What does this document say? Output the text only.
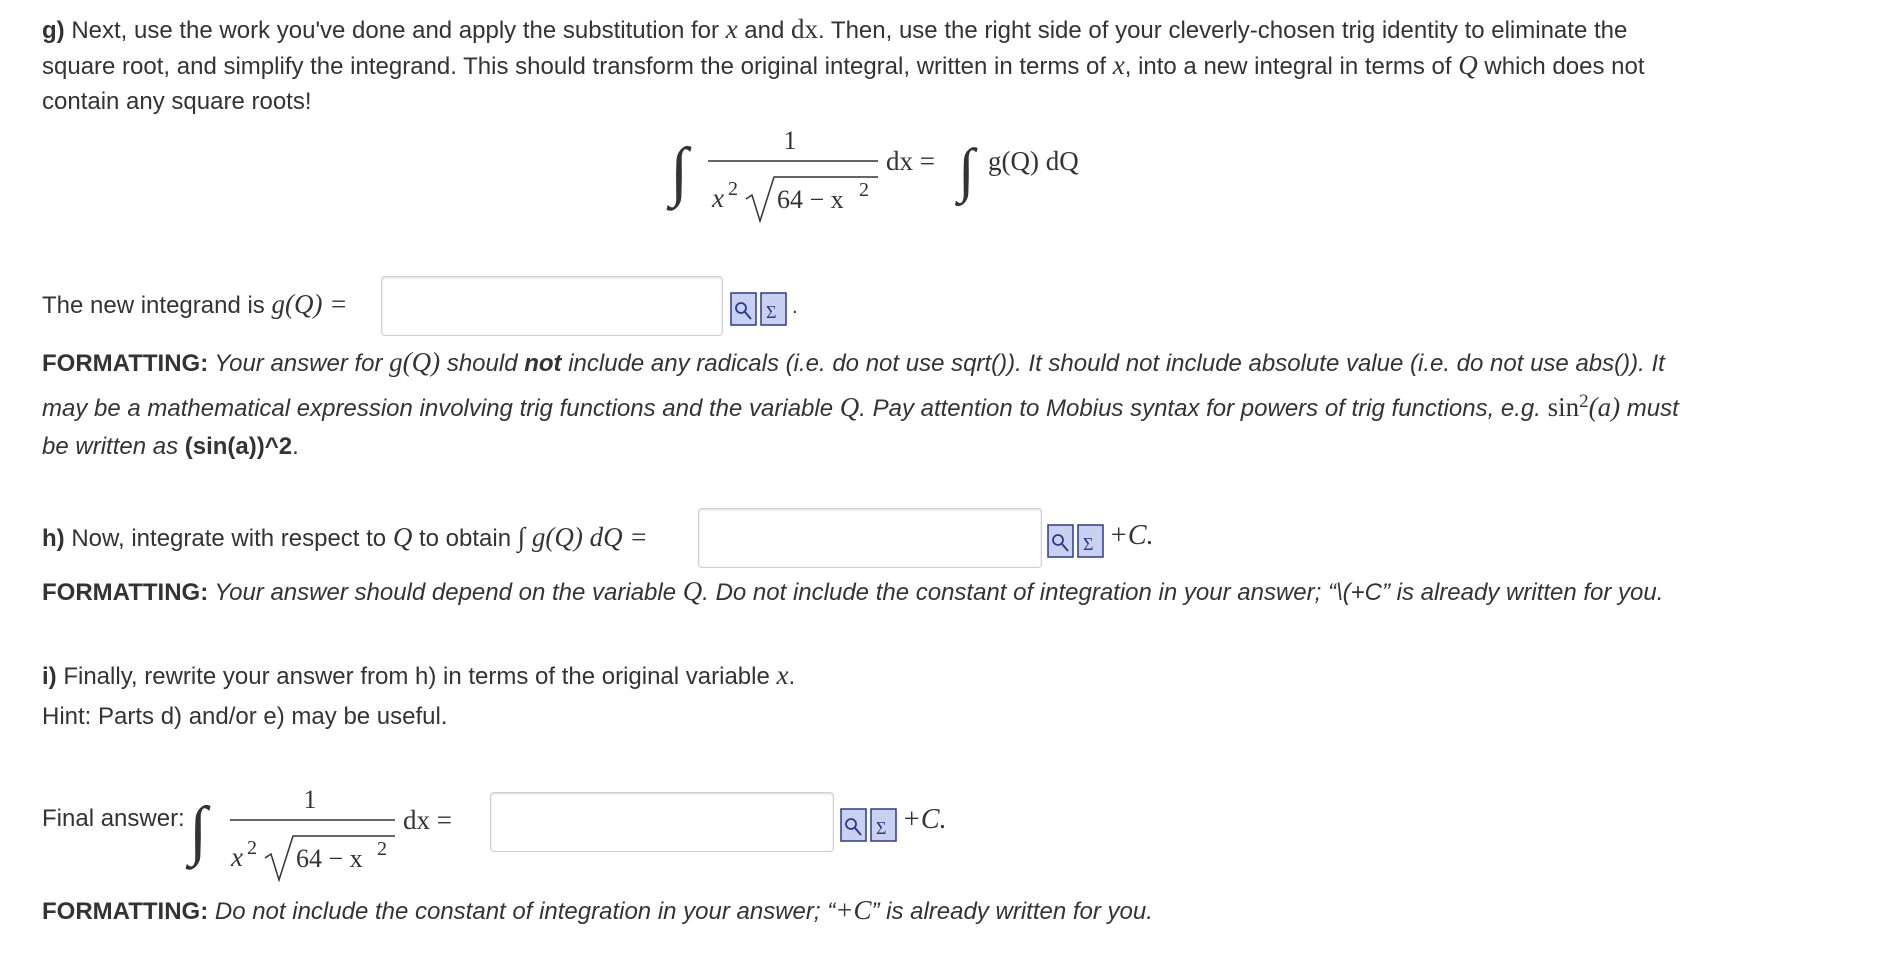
g) Next, use the work you've done and apply the substitution for x and dx. Then, use the right side of your cleverly-chosen trig identity to eliminate the
square root, and simplify the integrand. This should transform the original integral, written in terms of x, into a new integral in terms of Q which does not
contain any square roots!
∫	1
x 2 64 − x 2
dx = ∫ g(Q) dQ
The new integrand is g(Q) =	Σ .
FORMATTING: Your answer for g(Q) should not include any radicals (i.e. do not use sqrt()). It should not include absolute value (i.e. do not use abs()). It
may be a mathematical expression involving trig functions and the variable Q. Pay attention to Mobius syntax for powers of trig functions, e.g. $\sin^2(a)$ must
be written as (sin(a))^2.
h) Now, integrate with respect to Q to obtain ∫ g(Q) dQ =	Σ +C.
FORMATTING: Your answer should depend on the variable Q. Do not include the constant of integration in your answer; “\(+C” is already written for you.
i) Finally, rewrite your answer from h) in terms of the original variable x.
Hint: Parts d) and/or e) may be useful.
Final answer: ∫	1
x 2 64 − x 2
dx =	Σ +C.
FORMATTING: Do not include the constant of integration in your answer; “+C” is already written for you.
